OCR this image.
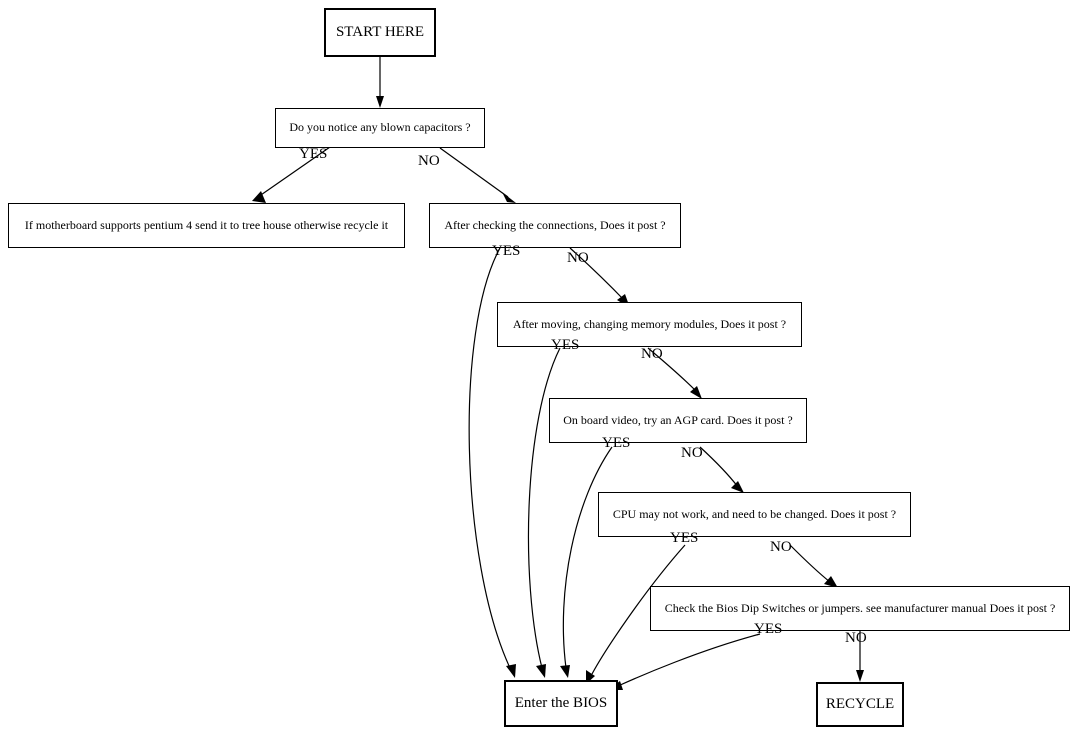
START HERE
Do you notice any blown capacitors ?
If motherboard supports pentium 4 send it to tree house otherwise recycle it	After checking the connections, Does it post ?
After moving, changing memory modules, Does it post ?
On board video, try an AGP card. Does it post ?
CPU may not work, and need to be changed. Does it post ?
Check the Bios Dip Switches or jumpers. see manufacturer manual Does it post ?
Enter the BIOS	RECYCLE
YES	NO
YES	NO
YES
NO
YES
NO
YES
NO
YES
NO
